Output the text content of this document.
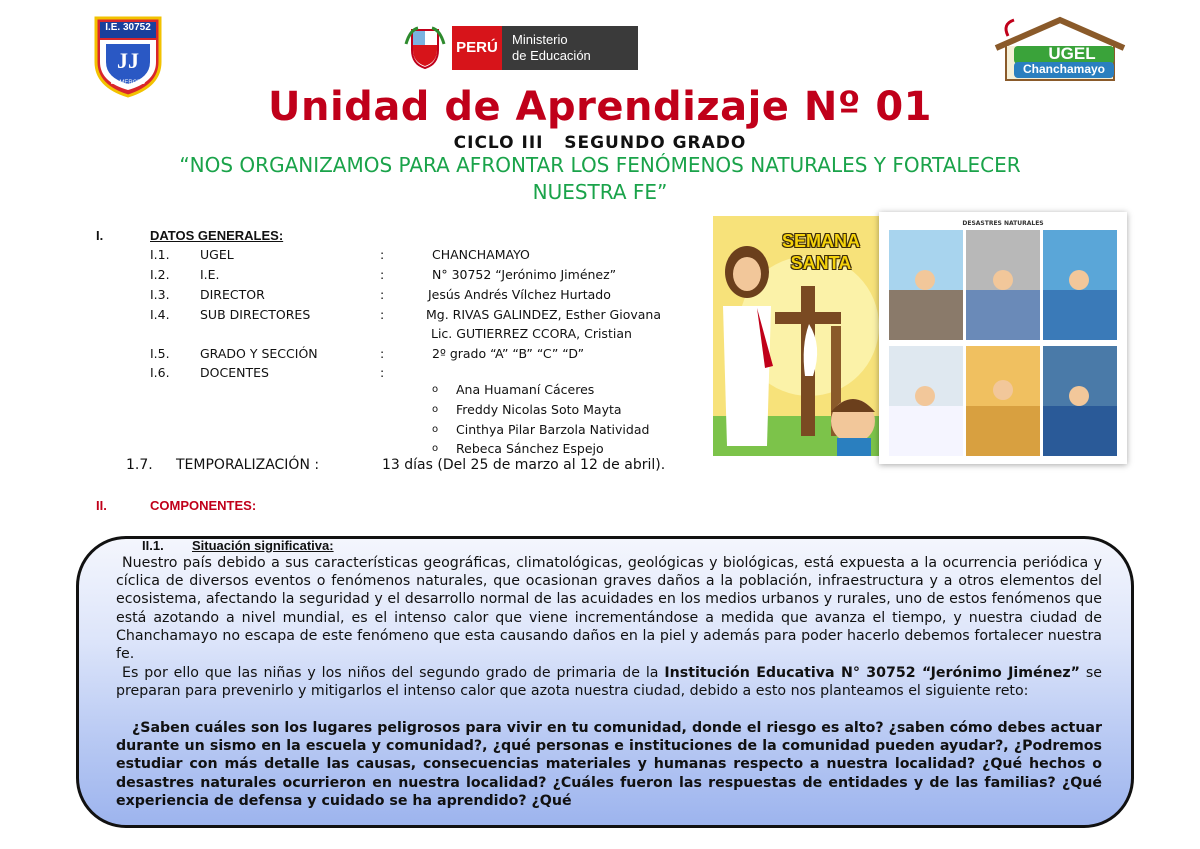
I.E. 30752
JJ
LA MERCED
PERÚ	Ministerio
de Educación	UGEL
Chanchamayo
Unidad de Aprendizaje Nº 01
CICLO III   SEGUNDO GRADO
“NOS ORGANIZAMOS PARA AFRONTAR LOS FENÓMENOS NATURALES Y FORTALECER
NUESTRA FE”
I.	DATOS GENERALES:
I.1. UGEL	:	CHANCHAMAYO
I.2. I.E.	:	N° 30752 “Jerónimo Jiménez”
I.3. DIRECTOR	:	Jesús Andrés Vílchez Hurtado
I.4. SUB DIRECTORES	:	Mg. RIVAS GALINDEZ, Esther Giovana
Lic. GUTIERREZ CCORA, Cristian
I.5. GRADO Y SECCIÓN	:	2º grado “A” “B” “C” “D”
I.6. DOCENTES	:
o Ana Huamaní Cáceres
o Freddy Nicolas Soto Mayta
o Cinthya Pilar Barzola Natividad
o Rebeca Sánchez Espejo
1.7. TEMPORALIZACIÓN :	13 días (Del 25 de marzo al 12 de abril).
SEMANA SANTA
DESASTRES NATURALES
II.	COMPONENTES:
II.1. Situación significativa:
Nuestro país debido a sus características geográficas, climatológicas, geológicas y biológicas, está expuesta a la ocurrencia periódica y cíclica de diversos eventos o fenómenos naturales, que ocasionan graves daños a la población, infraestructura y a otros elementos del ecosistema, afectando la seguridad y el desarrollo normal de las acuidades en los medios urbanos y rurales, uno de estos fenómenos que está azotando a nivel mundial, es el intenso calor que viene incrementándose a medida que avanza el tiempo, y nuestra ciudad de Chanchamayo no escapa de este fenómeno que esta causando daños en la piel y además para poder hacerlo debemos fortalecer nuestra fe.
Es por ello que las niñas y los niños del segundo grado de primaria de la Institución Educativa N° 30752 “Jerónimo Jiménez” se preparan para prevenirlo y mitigarlos el intenso calor que azota nuestra ciudad, debido a esto nos planteamos el siguiente reto:
¿Saben cuáles son los lugares peligrosos para vivir en tu comunidad, donde el riesgo es alto? ¿saben cómo debes actuar durante un sismo en la escuela y comunidad?, ¿qué personas e instituciones de la comunidad pueden ayudar?, ¿Podremos estudiar con más detalle las causas, consecuencias materiales y humanas respecto a nuestra localidad? ¿Qué hechos o desastres naturales ocurrieron en nuestra localidad? ¿Cuáles fueron las respuestas de entidades y de las familias? ¿Qué experiencia de defensa y cuidado se ha aprendido? ¿Qué
